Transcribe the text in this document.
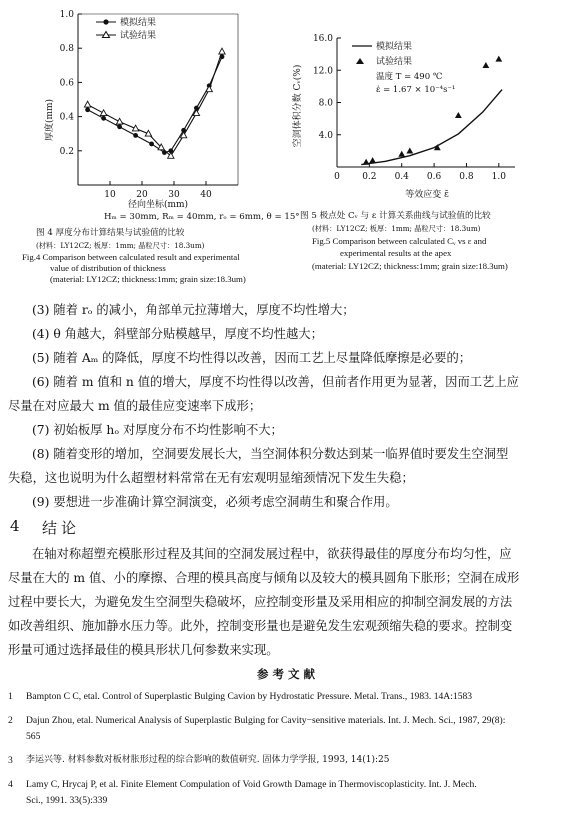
10 20 30 40
0.2
0.4
0.6
0.8
1.0
模拟结果
试验结果
厚度(mm)
径向坐标(mm)
Hₘ = 30mm, Rₘ = 40mm, rₒ = 6mm, θ = 15°
图 4 厚度分布计算结果与试验值的比较
(材料：LY12CZ; 板厚：1mm; 晶粒尺寸：18.3um)
Fig.4 Comparison between calculated result and experimental
value of distribution of thickness
(material: LY12CZ; thickness:1mm; grain size:18.3um)
0 0.2 0.4 0.6 0.8 1.0
4.0
8.0
12.0
16.0
模拟结果
试验结果
温度 T = 490 ℃
ε̇ = 1.67 × 10⁻⁴s⁻¹
空洞体积分数 Cᵥ(%)
等效应变 ε̄
图 5 极点处 Cᵥ 与 ε 计算关系曲线与试验值的比较
(材料：LY12CZ; 板厚：1mm; 晶粒尺寸：18.3um)
Fig.5 Comparison between calculated Cᵥ vs ε and
experimental results at the apex
(material: LY12CZ; thickness:1mm; grain size:18.3um)
(3) 随着 rₒ 的减小，角部单元拉薄增大，厚度不均性增大；
(4) θ 角越大，斜壁部分贴模越早，厚度不均性越大；
(5) 随着 Aₘ 的降低，厚度不均性得以改善，因而工艺上尽量降低摩擦是必要的；
(6) 随着 m 值和 n 值的增大，厚度不均性得以改善，但前者作用更为显著，因而工艺上应
尽量在对应最大 m 值的最佳应变速率下成形；
(7) 初始板厚 hₒ 对厚度分布不均性影响不大；
(8) 随着变形的增加，空洞要发展长大，当空洞体积分数达到某一临界值时要发生空洞型
失稳，这也说明为什么超塑材料常常在无有宏观明显缩颈情况下发生失稳；
(9) 要想进一步准确计算空洞演变，必须考虑空洞萌生和聚合作用。
4 结论
在轴对称超塑充模胀形过程及其间的空洞发展过程中，欲获得最佳的厚度分布均匀性，应
尽量在大的 m 值、小的摩擦、合理的模具高度与倾角以及较大的模具圆角下胀形；空洞在成形
过程中要长大，为避免发生空洞型失稳破坏，应控制变形量及采用相应的抑制空洞发展的方法
如改善组织、施加静水压力等。此外，控制变形量也是避免发生宏观颈缩失稳的要求。控制变
形量可通过选择最佳的模具形状几何参数来实现。
参 考 文 献
1 Bampton C C, etal. Control of Superplastic Bulging Cavion by Hydrostatic Pressure. Metal. Trans., 1983. 14A:1583
2 Dajun Zhou, etal. Numerical Analysis of Superplastic Bulging for Cavity−sensitive materials. Int. J. Mech. Sci., 1987, 29(8):
565
3 李运兴等. 材料参数对板材胀形过程的综合影响的数值研究. 固体力学学报, 1993, 14(1):25
4 Lamy C, Hrycaj P, et al. Finite Element Compulation of Void Growth Damage in Thermoviscoplasticity. Int. J. Mech.
Sci., 1991. 33(5):339
